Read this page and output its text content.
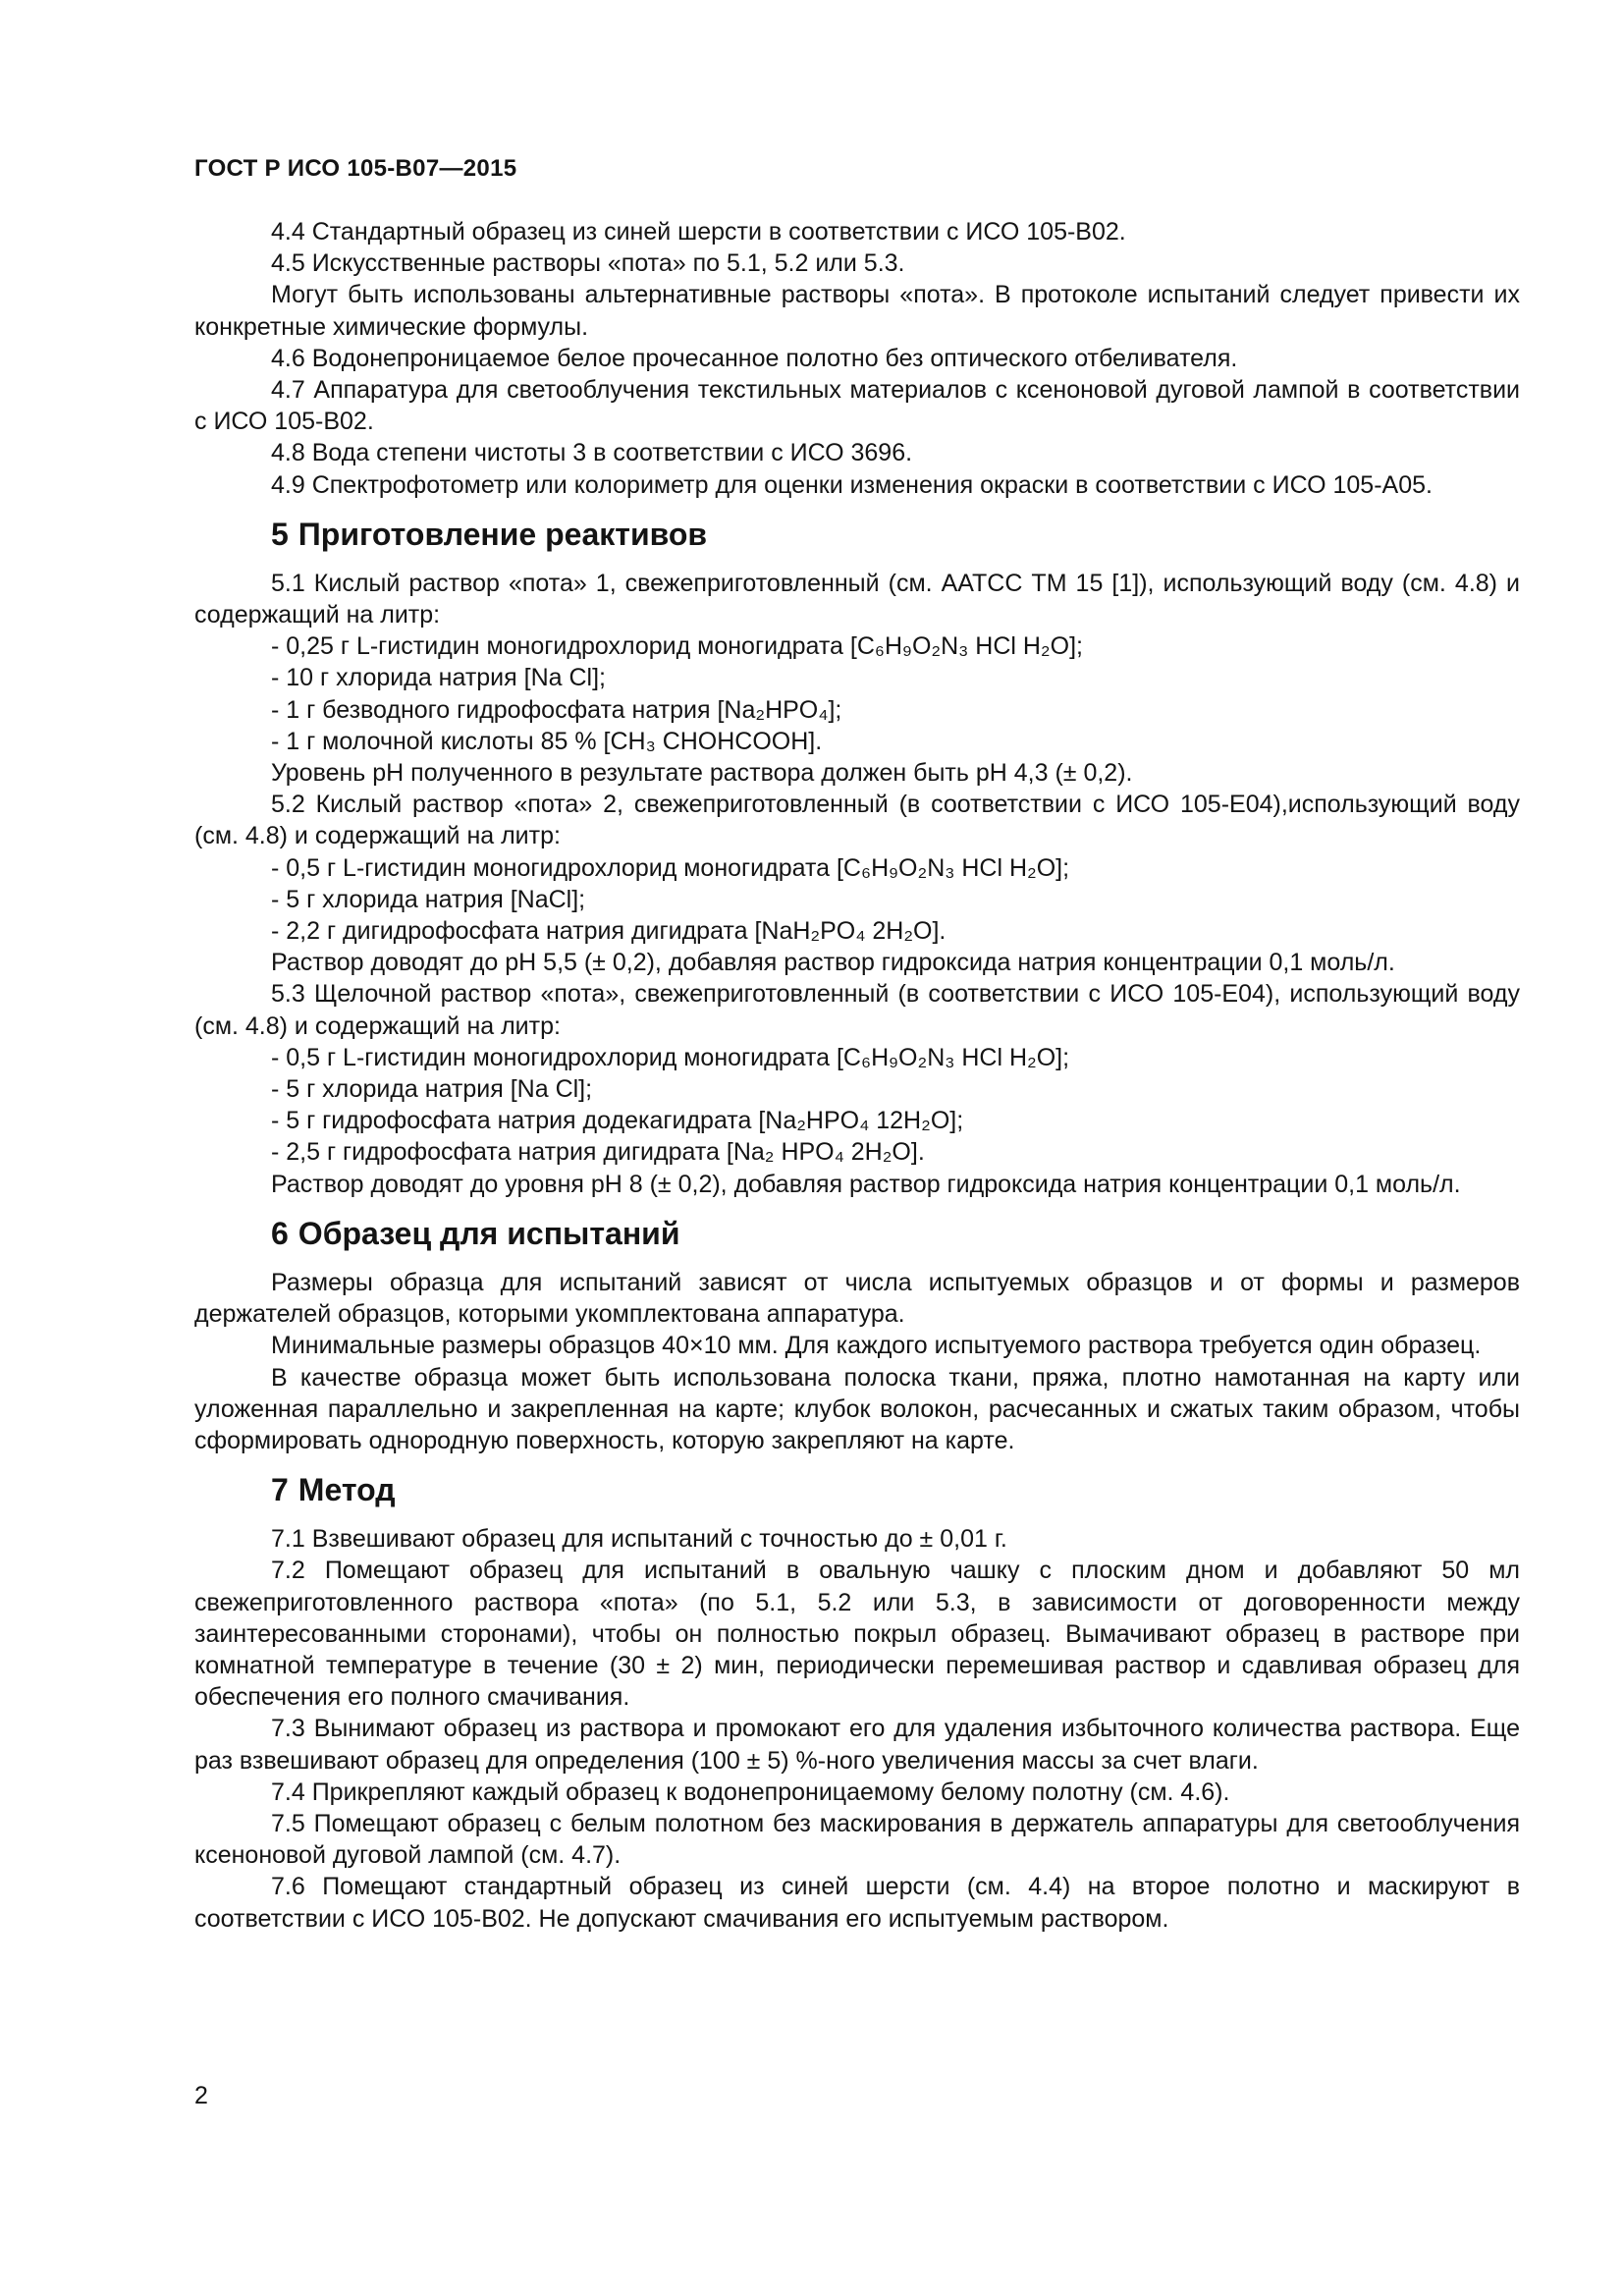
ГОСТ Р ИСО 105-B07—2015

4.4 Стандартный образец из синей шерсти в соответствии с ИСО 105-В02.

4.5 Искусственные растворы «пота» по 5.1, 5.2 или 5.3.

Могут быть использованы альтернативные растворы «пота». В протоколе испытаний следует привести их конкретные химические формулы.

4.6 Водонепроницаемое белое прочесанное полотно без оптического отбеливателя.

4.7 Аппаратура для светооблучения текстильных материалов с ксеноновой дуговой лампой в соответствии с ИСО 105-В02.

4.8 Вода степени чистоты 3 в соответствии с ИСО 3696.

4.9 Спектрофотометр или колориметр для оценки изменения окраски в соответствии с ИСО 105-А05.

5 Приготовление реактивов

5.1 Кислый раствор «пота» 1, свежеприготовленный (см. ААТСС ТМ 15 [1]), использующий воду (см. 4.8) и содержащий на литр:

- 0,25 г L-гистидин моногидрохлорид моногидрата [C₆H₉O₂N₃ HCl H₂O];

- 10 г хлорида натрия [Na Cl];

- 1 г безводного гидрофосфата натрия [Na₂HPO₄];

- 1 г молочной кислоты 85 % [CH₃ CHOHCOOH].

Уровень рН полученного в результате раствора должен быть рН 4,3 (± 0,2).

5.2 Кислый раствор «пота» 2, свежеприготовленный (в соответствии с ИСО 105-Е04),использующий воду (см. 4.8) и содержащий на литр:

- 0,5 г L-гистидин моногидрохлорид моногидрата [C₆H₉O₂N₃ HCl H₂O];

- 5 г хлорида натрия [NaCl];

- 2,2 г дигидрофосфата натрия дигидрата [NaH₂PO₄ 2H₂O].

Раствор доводят до рН 5,5 (± 0,2), добавляя раствор гидроксида натрия концентрации 0,1 моль/л.

5.3 Щелочной раствор «пота», свежеприготовленный (в соответствии с ИСО 105-Е04), использующий воду (см. 4.8) и содержащий на литр:

- 0,5 г L-гистидин моногидрохлорид моногидрата [C₆H₉O₂N₃ HCl H₂O];

- 5 г хлорида натрия [Na Cl];

- 5 г гидрофосфата натрия додекагидрата [Na₂HPO₄ 12H₂O];

- 2,5 г гидрофосфата натрия дигидрата [Na₂ HPO₄ 2H₂O].

Раствор доводят до уровня рН 8 (± 0,2), добавляя раствор гидроксида натрия концентрации 0,1 моль/л.

6 Образец для испытаний

Размеры образца для испытаний зависят от числа испытуемых образцов и от формы и размеров держателей образцов, которыми укомплектована аппаратура.

Минимальные размеры образцов 40×10 мм. Для каждого испытуемого раствора требуется один образец.

В качестве образца может быть использована полоска ткани, пряжа, плотно намотанная на карту или уложенная параллельно и закрепленная на карте; клубок волокон, расчесанных и сжатых таким образом, чтобы сформировать однородную поверхность, которую закрепляют на карте.

7 Метод

7.1 Взвешивают образец для испытаний с точностью до ± 0,01 г.

7.2 Помещают образец для испытаний в овальную чашку с плоским дном и добавляют 50 мл свежеприготовленного раствора «пота» (по 5.1, 5.2 или 5.3, в зависимости от договоренности между заинтересованными сторонами), чтобы он полностью покрыл образец. Вымачивают образец в растворе при комнатной температуре в течение (30 ± 2) мин, периодически перемешивая раствор и сдавливая образец для обеспечения его полного смачивания.

7.3 Вынимают образец из раствора и промокают его для удаления избыточного количества раствора. Еще раз взвешивают образец для определения (100 ± 5) %-ного увеличения массы за счет влаги.

7.4 Прикрепляют каждый образец к водонепроницаемому белому полотну (см. 4.6).

7.5 Помещают образец с белым полотном без маскирования в держатель аппаратуры для светооблучения ксеноновой дуговой лампой (см. 4.7).

7.6 Помещают стандартный образец из синей шерсти (см. 4.4) на второе полотно и маскируют в соответствии с ИСО 105-В02. Не допускают смачивания его испытуемым раствором.

2
